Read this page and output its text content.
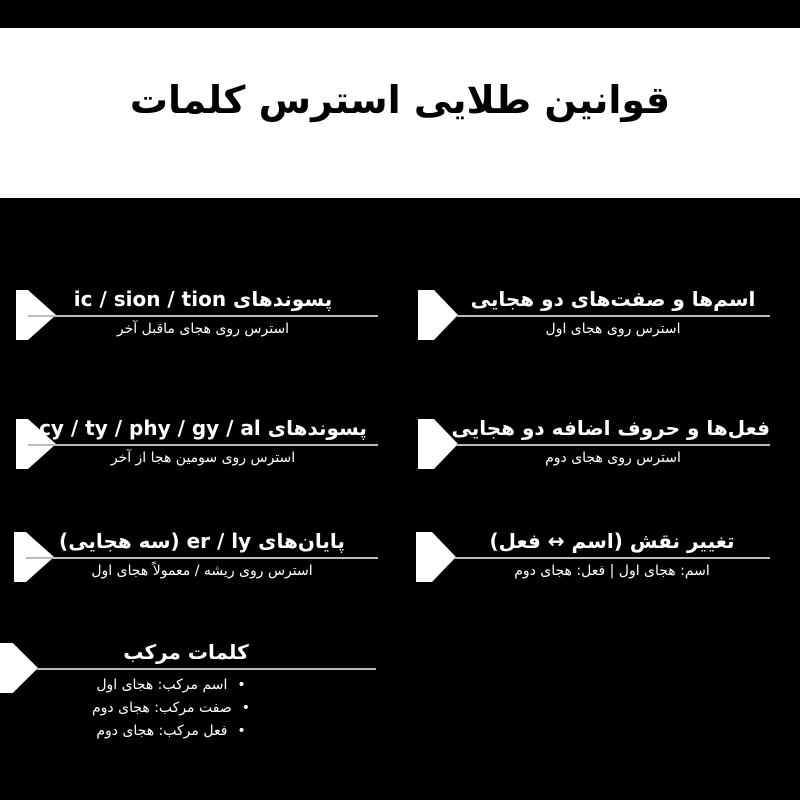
قوانین طلایی استرس کلمات
اسم‌ها و صفت‌های دو هجایی
استرس روی هجای اول
پسوندهای ic / sion / tion
استرس روی هجای ماقبل آخر
فعل‌ها و حروف اضافه دو هجایی
استرس روی هجای دوم
پسوندهای cy / ty / phy / gy / al
استرس روی سومین هجا از آخر
تغییر نقش (اسم ↔ فعل)
اسم: هجای اول | فعل: هجای دوم
پایان‌های er / ly (سه هجایی)
استرس روی ریشه / معمولاً هجای اول
کلمات مرکب
• اسم مرکب: هجای اول
• صفت مرکب: هجای دوم
• فعل مرکب: هجای دوم
